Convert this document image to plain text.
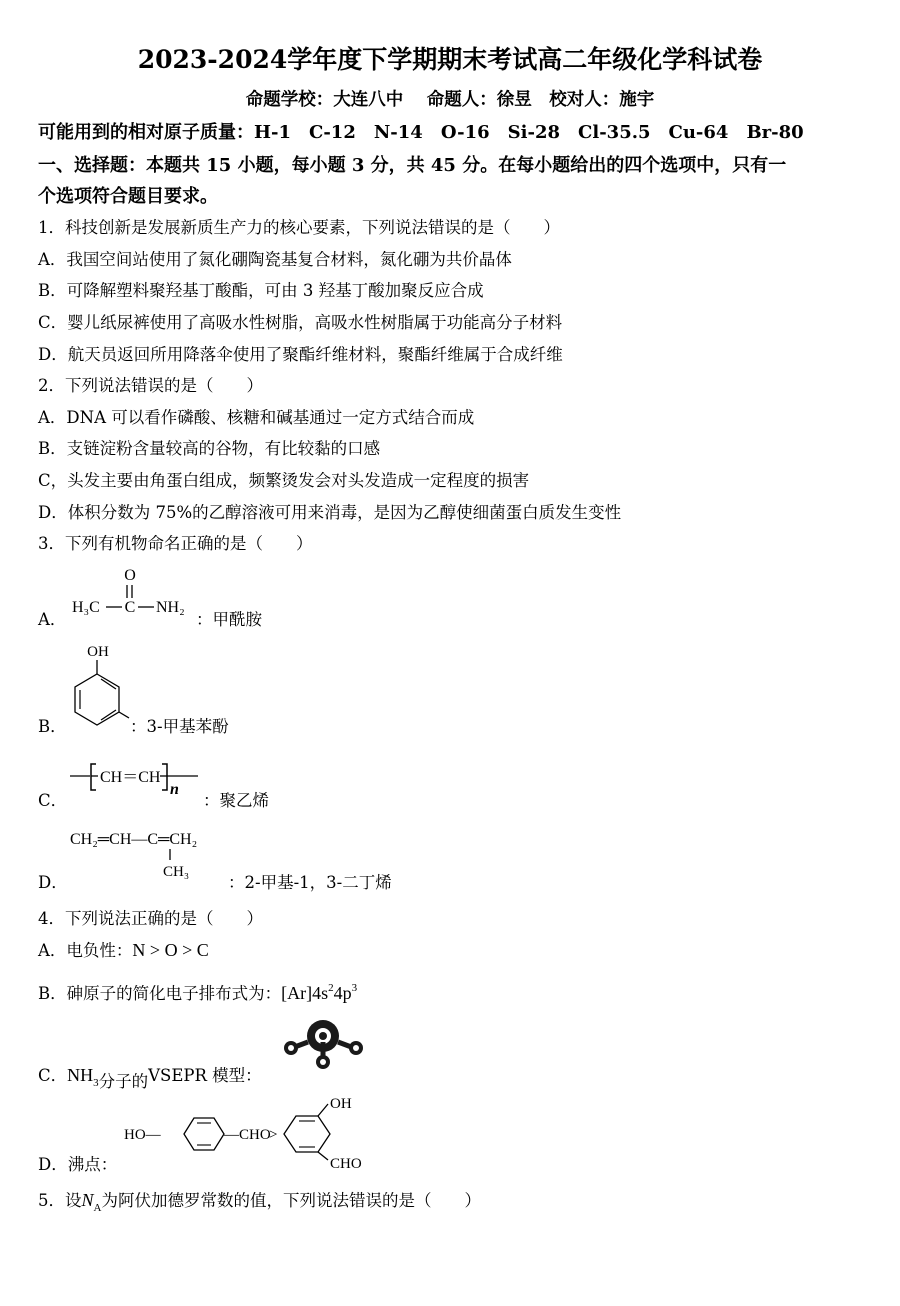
2023-2024学年度下学期期末考试高二年级化学科试卷
命题学校：大连八中　 命题人：徐昱　校对人：施宇
可能用到的相对原子质量：H-1　C-12　N-14　O-16　Si-28　Cl-35.5　Cu-64　Br-80
一、选择题：本题共 15 小题，每小题 3 分，共 45 分。在每小题给出的四个选项中，只有一
个选项符合题目要求。
1．科技创新是发展新质生产力的核心要素，下列说法错误的是（　　）
A．我国空间站使用了氮化硼陶瓷基复合材料，氮化硼为共价晶体
B．可降解塑料聚羟基丁酸酯，可由 3 羟基丁酸加聚反应合成
C．婴儿纸尿裤使用了高吸水性树脂，高吸水性树脂属于功能高分子材料
D．航天员返回所用降落伞使用了聚酯纤维材料，聚酯纤维属于合成纤维
2．下列说法错误的是（　　）
A．DNA 可以看作磷酸、核糖和碱基通过一定方式结合而成
B．支链淀粉含量较高的谷物，有比较黏的口感
C，头发主要由角蛋白组成，频繁烫发会对头发造成一定程度的损害
D．体积分数为 75%的乙醇溶液可用来消毒，是因为乙醇使细菌蛋白质发生变性
3．下列有机物命名正确的是（　　）
A．
O
H₃C C NH₂
：甲酰胺
B．
OH
：3-甲基苯酚
C．
CH＝CH
n
：聚乙烯
D．
CH₂═CH—C═CH₂
CH₃
：2-甲基-1，3-二丁烯
4．下列说法正确的是（　　）
A．电负性：N > O > C
B．砷原子的简化电子排布式为：$[Ar]4s^24p^3$
C．$NH_3$分子的VSEPR 模型：
D．沸点：
HO—	—CHO
>
OH
CHO
5．设$N_A$为阿伏加德罗常数的值，下列说法错误的是（　　）
